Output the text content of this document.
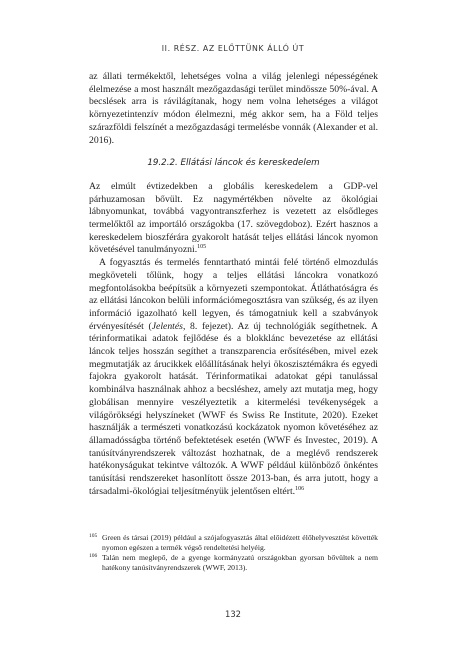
II. RÉSZ. AZ ELŐTTÜNK ÁLLÓ ÚT

az állati termékektől, lehetséges volna a világ jelenlegi népességének élelmezése a most használt mezőgazdasági terület mindössze 50%-ával. A becslések arra is rávilágítanak, hogy nem volna lehetséges a világot környezetintenzív módon élelmezni, még akkor sem, ha a Föld teljes szárazföldi felszínét a mezőgazdasági termelésbe vonnák (Alexander et al. 2016).

19.2.2. Ellátási láncok és kereskedelem

Az elmúlt évtizedekben a globális kereskedelem a GDP-vel párhuzamosan bővült. Ez nagymértékben növelte az ökológiai lábnyomunkat, továbbá vagyontranszferhez is vezetett az elsődleges termelőktől az importáló országokba (17. szövegdoboz). Ezért hasznos a kereskedelem bioszférára gyakorolt hatását teljes ellátási láncok nyomon követésével tanulmányozni.$^{105}$

A fogyasztás és termelés fenntartható mintái felé történő elmozdulás megköveteli tőlünk, hogy a teljes ellátási láncokra vonatkozó megfontolásokba beépítsük a környezeti szempontokat. Átláthatóságra és az ellátási láncokon belüli információmegosztásra van szükség, és az ilyen információ igazolható kell legyen, és támogatniuk kell a szabványok érvényesítését (Jelentés, 8. fejezet). Az új technológiák segíthetnek. A térinformatikai adatok fejlődése és a blokklánc bevezetése az ellátási láncok teljes hosszán segíthet a transzparencia erősítésében, mivel ezek megmutatják az árucikkek előállításának helyi ökoszisztémákra és egyedi fajokra gyakorolt hatását. Térinformatikai adatokat gépi tanulással kombinálva használnak ahhoz a becsléshez, amely azt mutatja meg, hogy globálisan mennyire veszélyeztetik a kitermelési tevékenységek a világörökségi helyszíneket (WWF és Swiss Re Institute, 2020). Ezeket használják a természeti vonatkozású kockázatok nyomon követéséhez az államadósságba történő befektetések esetén (WWF és Investec, 2019). A tanúsítványrendszerek változást hozhatnak, de a meglévő rendszerek hatékonyságukat tekintve változók. A WWF például különböző önkéntes tanúsítási rendszereket hasonlított össze 2013-ban, és arra jutott, hogy a társadalmi-ökológiai teljesítményük jelentősen eltért.$^{106}$

105 Green és társai (2019) például a szójafogyasztás által előidézett élőhelyvesztést követték nyomon egészen a termék végső rendeltetési helyéig.
106 Talán nem meglepő, de a gyenge kormányzatú országokban gyorsan bővültek a nem hatékony tanúsítványrendszerek (WWF, 2013).
132
